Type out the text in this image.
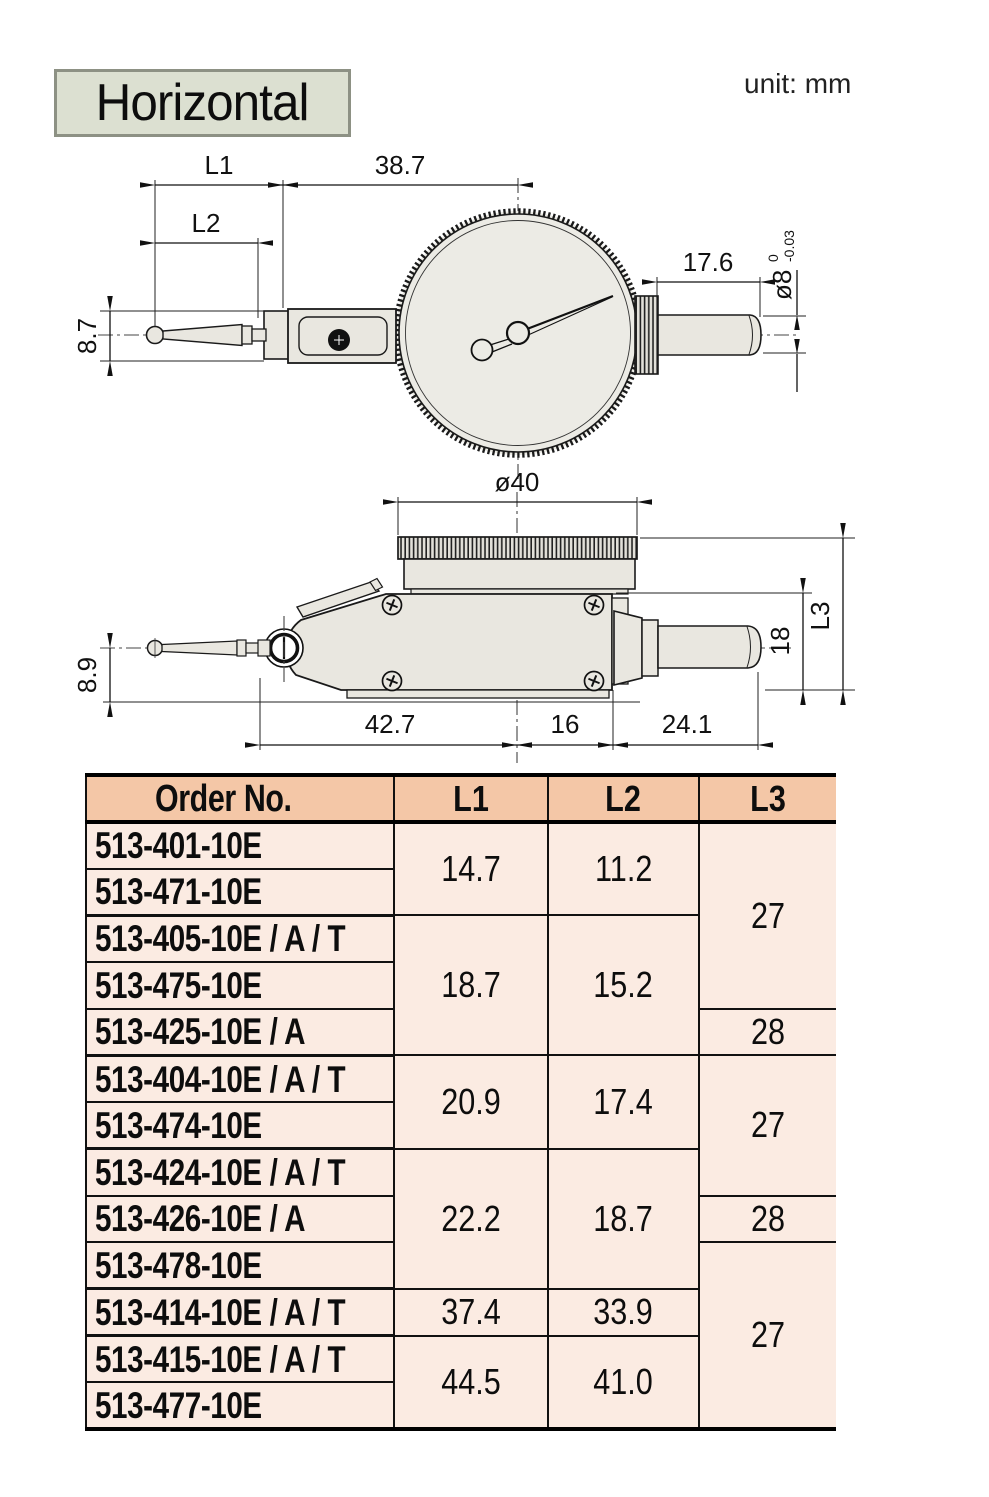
Horizontal	unit: mm
L1	38.7
L2
8.7
17.6
ø8
0 -0.03
ø40
8.9
42.7	16	24.1
18
L3
Order No.	L1	L2	L3
513-401-10E	14.7	11.2	27
513-471-10E			
513-405-10E / A / T	18.7	15.2	
513-475-10E			
513-425-10E / A			28
513-404-10E / A / T	20.9	17.4	27
513-474-10E			
513-424-10E / A / T	22.2	18.7	
513-426-10E / A			28
513-478-10E			27
513-414-10E / A / T	37.4	33.9	
513-415-10E / A / T	44.5	41.0	
513-477-10E			
